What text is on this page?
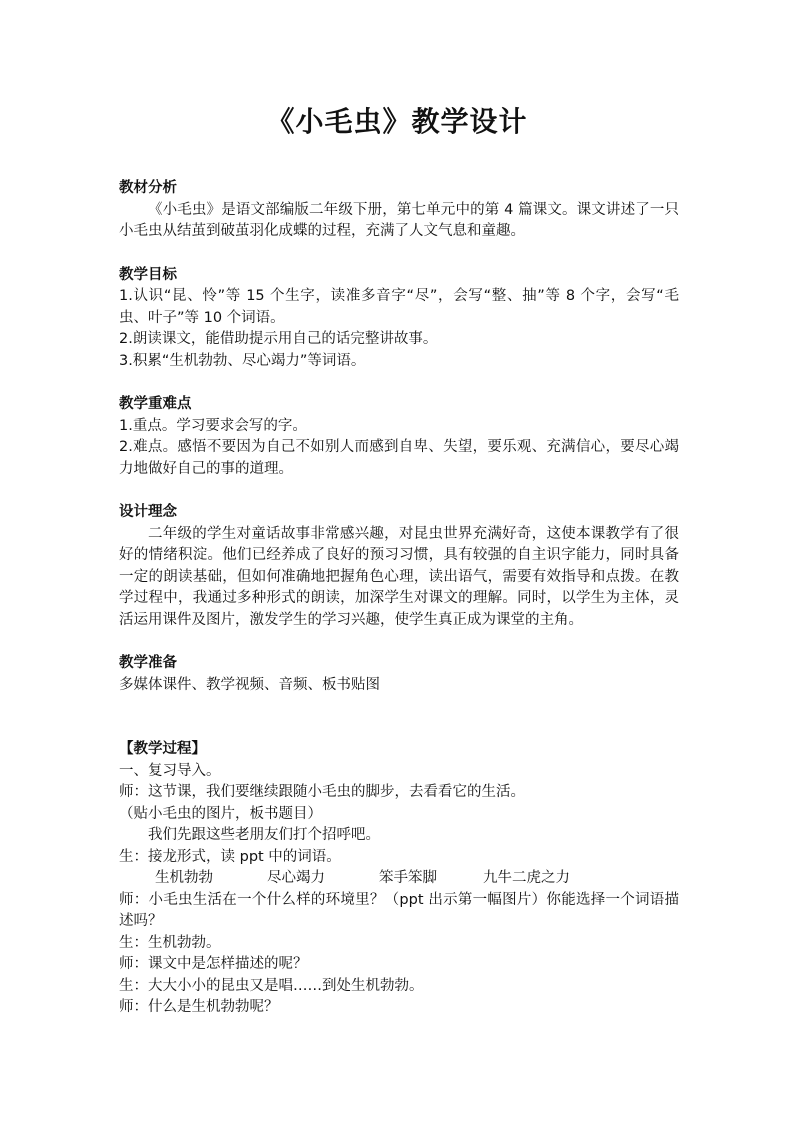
《小毛虫》教学设计

教材分析

《小毛虫》是语文部编版二年级下册，第七单元中的第 4 篇课文。课文讲述了一只小毛虫从结茧到破茧羽化成蝶的过程，充满了人文气息和童趣。

教学目标

1.认识“昆、怜”等 15 个生字，读准多音字“尽”，会写“整、抽”等 8 个字，会写“毛虫、叶子”等 10 个词语。

2.朗读课文，能借助提示用自己的话完整讲故事。

3.积累“生机勃勃、尽心竭力”等词语。

教学重难点

1.重点。学习要求会写的字。

2.难点。感悟不要因为自己不如别人而感到自卑、失望，要乐观、充满信心，要尽心竭力地做好自己的事的道理。

设计理念

二年级的学生对童话故事非常感兴趣，对昆虫世界充满好奇，这使本课教学有了很好的情绪积淀。他们已经养成了良好的预习习惯，具有较强的自主识字能力，同时具备一定的朗读基础，但如何准确地把握角色心理，读出语气，需要有效指导和点拨。在教学过程中，我通过多种形式的朗读，加深学生对课文的理解。同时，以学生为主体，灵活运用课件及图片，激发学生的学习兴趣，使学生真正成为课堂的主角。

教学准备

多媒体课件、教学视频、音频、板书贴图

【教学过程】

一、复习导入。

师：这节课，我们要继续跟随小毛虫的脚步，去看看它的生活。

（贴小毛虫的图片，板书题目）

我们先跟这些老朋友们打个招呼吧。

生：接龙形式，读 ppt 中的词语。

生机勃勃	尽心竭力	笨手笨脚	九牛二虎之力

师：小毛虫生活在一个什么样的环境里？（ppt 出示第一幅图片）你能选择一个词语描述吗？

生：生机勃勃。

师：课文中是怎样描述的呢？

生：大大小小的昆虫又是唱……到处生机勃勃。

师：什么是生机勃勃呢？
